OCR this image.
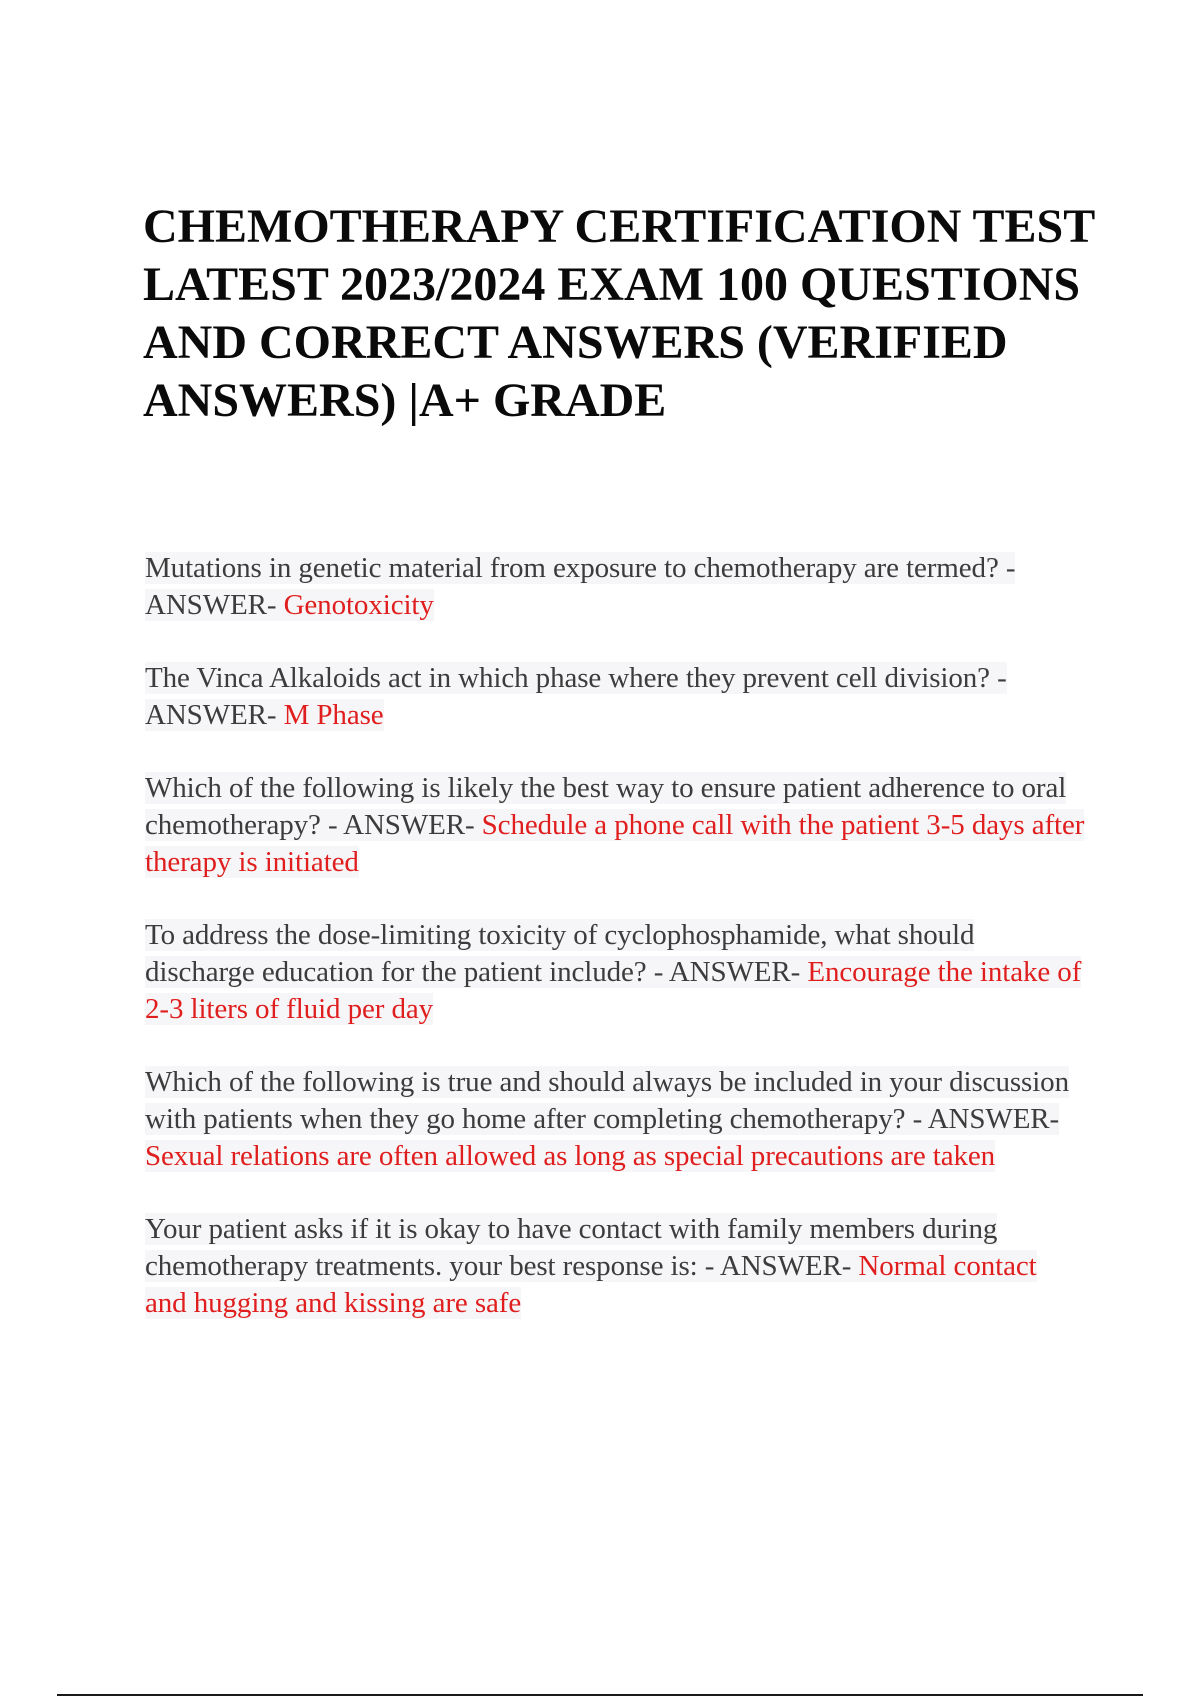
CHEMOTHERAPY CERTIFICATION TEST
LATEST 2023/2024 EXAM 100 QUESTIONS
AND CORRECT ANSWERS (VERIFIED
ANSWERS) |A+ GRADE

Mutations in genetic material from exposure to chemotherapy are termed? - ANSWER- Genotoxicity

The Vinca Alkaloids act in which phase where they prevent cell division? - ANSWER- M Phase

Which of the following is likely the best way to ensure patient adherence to oral chemotherapy? - ANSWER- Schedule a phone call with the patient 3-5 days after therapy is initiated

To address the dose-limiting toxicity of cyclophosphamide, what should discharge education for the patient include? - ANSWER- Encourage the intake of 2-3 liters of fluid per day

Which of the following is true and should always be included in your discussion with patients when they go home after completing chemotherapy? - ANSWER- Sexual relations are often allowed as long as special precautions are taken

Your patient asks if it is okay to have contact with family members during chemotherapy treatments. your best response is: - ANSWER- Normal contact and hugging and kissing are safe
